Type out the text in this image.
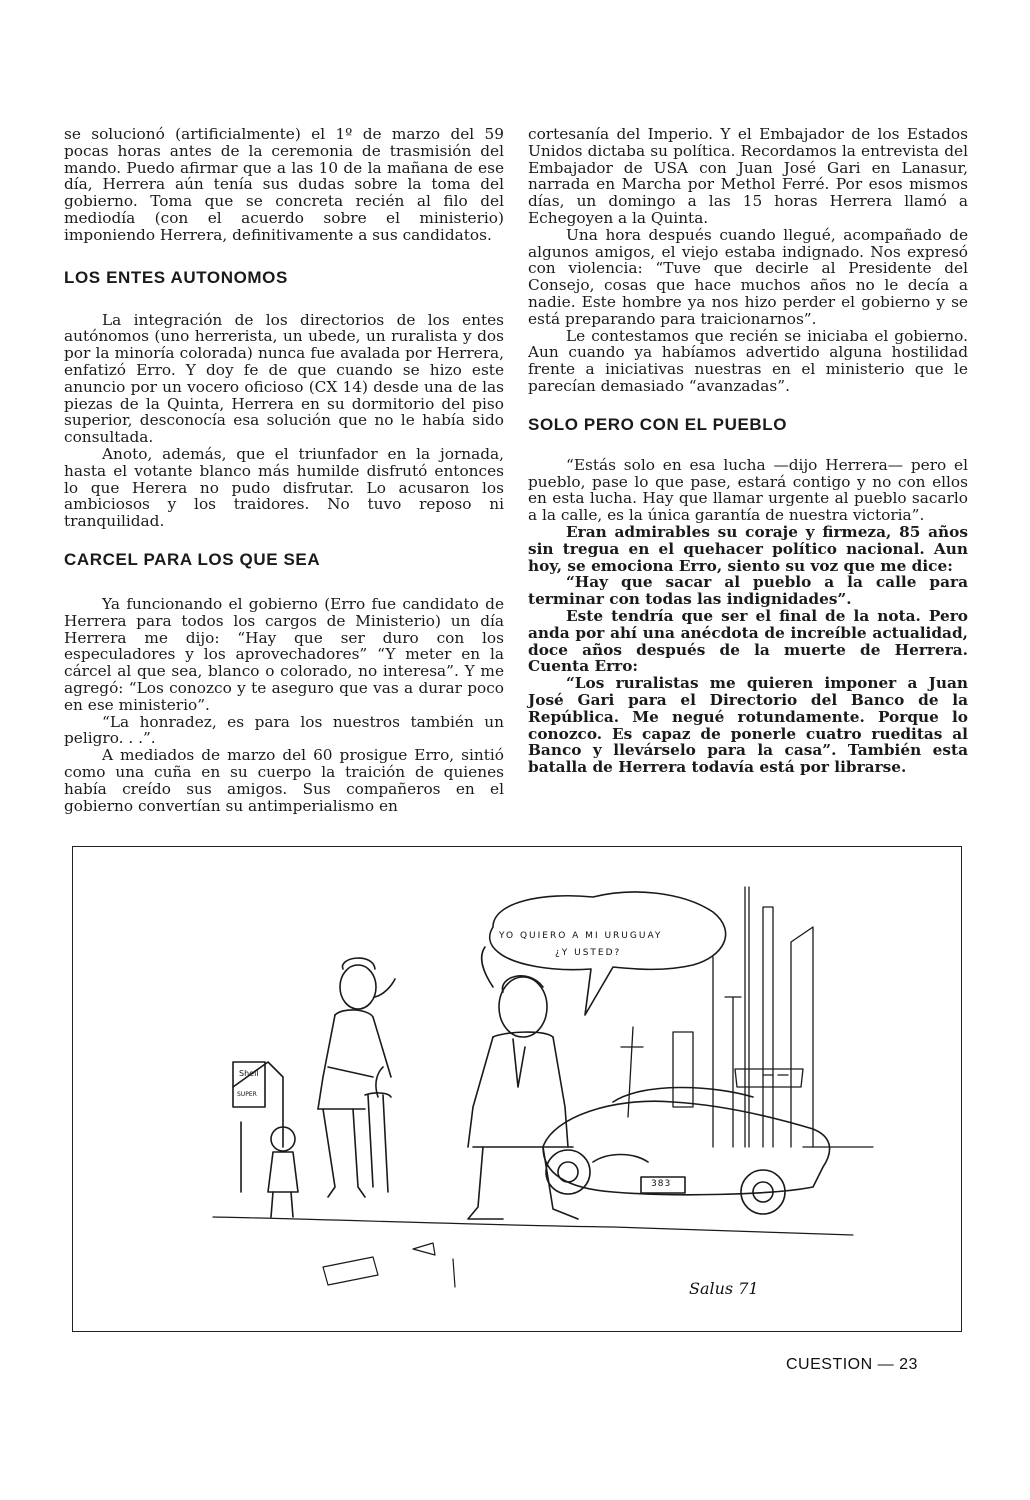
se solucionó (artificialmente) el 1º de marzo del 59 pocas horas antes de la ceremonia de trasmisión del mando. Puedo afirmar que a las 10 de la mañana de ese día, Herrera aún tenía sus dudas sobre la toma del gobierno. Toma que se concreta recién al filo del mediodía (con el acuerdo sobre el ministerio) imponiendo Herrera, definitivamente a sus candidatos.

LOS ENTES AUTONOMOS

La integración de los directorios de los entes autónomos (uno herrerista, un ubede, un ruralista y dos por la minoría colorada) nunca fue avalada por Herrera, enfatizó Erro. Y doy fe de que cuando se hizo este anuncio por un vocero oficioso (CX 14) desde una de las piezas de la Quinta, Herrera en su dormitorio del piso superior, desconocía esa solución que no le había sido consultada.

Anoto, además, que el triunfador en la jornada, hasta el votante blanco más humilde disfrutó entonces lo que Herera no pudo disfrutar. Lo acusaron los ambiciosos y los traidores. No tuvo reposo ni tranquilidad.

CARCEL PARA LOS QUE SEA

Ya funcionando el gobierno (Erro fue candidato de Herrera para todos los cargos de Ministerio) un día Herrera me dijo: “Hay que ser duro con los especuladores y los aprovechadores” “Y meter en la cárcel al que sea, blanco o colorado, no interesa”. Y me agregó: “Los conozco y te aseguro que vas a durar poco en ese ministerio”.

“La honradez, es para los nuestros también un peligro. . .”.

A mediados de marzo del 60 prosigue Erro, sintió como una cuña en su cuerpo la traición de quienes había creído sus amigos. Sus compañeros en el gobierno convertían su antimperialismo en

cortesanía del Imperio. Y el Embajador de los Estados Unidos dictaba su política. Recordamos la entrevista del Embajador de USA con Juan José Gari en Lanasur, narrada en Marcha por Methol Ferré. Por esos mismos días, un domingo a las 15 horas Herrera llamó a Echegoyen a la Quinta.

Una hora después cuando llegué, acompañado de algunos amigos, el viejo estaba indignado. Nos expresó con violencia: “Tuve que decirle al Presidente del Consejo, cosas que hace muchos años no le decía a nadie. Este hombre ya nos hizo perder el gobierno y se está preparando para traicionarnos”.

Le contestamos que recién se iniciaba el gobierno. Aun cuando ya habíamos advertido alguna hostilidad frente a iniciativas nuestras en el ministerio que le parecían demasiado “avanzadas”.

SOLO PERO CON EL PUEBLO

“Estás solo en esa lucha —dijo Herrera— pero el pueblo, pase lo que pase, estará contigo y no con ellos en esta lucha. Hay que llamar urgente al pueblo sacarlo a la calle, es la única garantía de nuestra victoria”.

Eran admirables su coraje y firmeza, 85 años sin tregua en el quehacer político nacional. Aun hoy, se emociona Erro, siento su voz que me dice:

“Hay que sacar al pueblo a la calle para terminar con todas las indignidades”.

Este tendría que ser el final de la nota. Pero anda por ahí una anécdota de increíble actualidad, doce años después de la muerte de Herrera. Cuenta Erro:

“Los ruralistas me quieren imponer a Juan José Gari para el Directorio del Banco de la República. Me negué rotundamente. Porque lo conozco. Es capaz de ponerle cuatro rueditas al Banco y llevárselo para la casa”. También esta batalla de Herrera todavía está por librarse.

YO QUIERO A MI URUGUAY
¿Y USTED?
Shell
SUPER
383
Salus 71
CUESTION — 23
